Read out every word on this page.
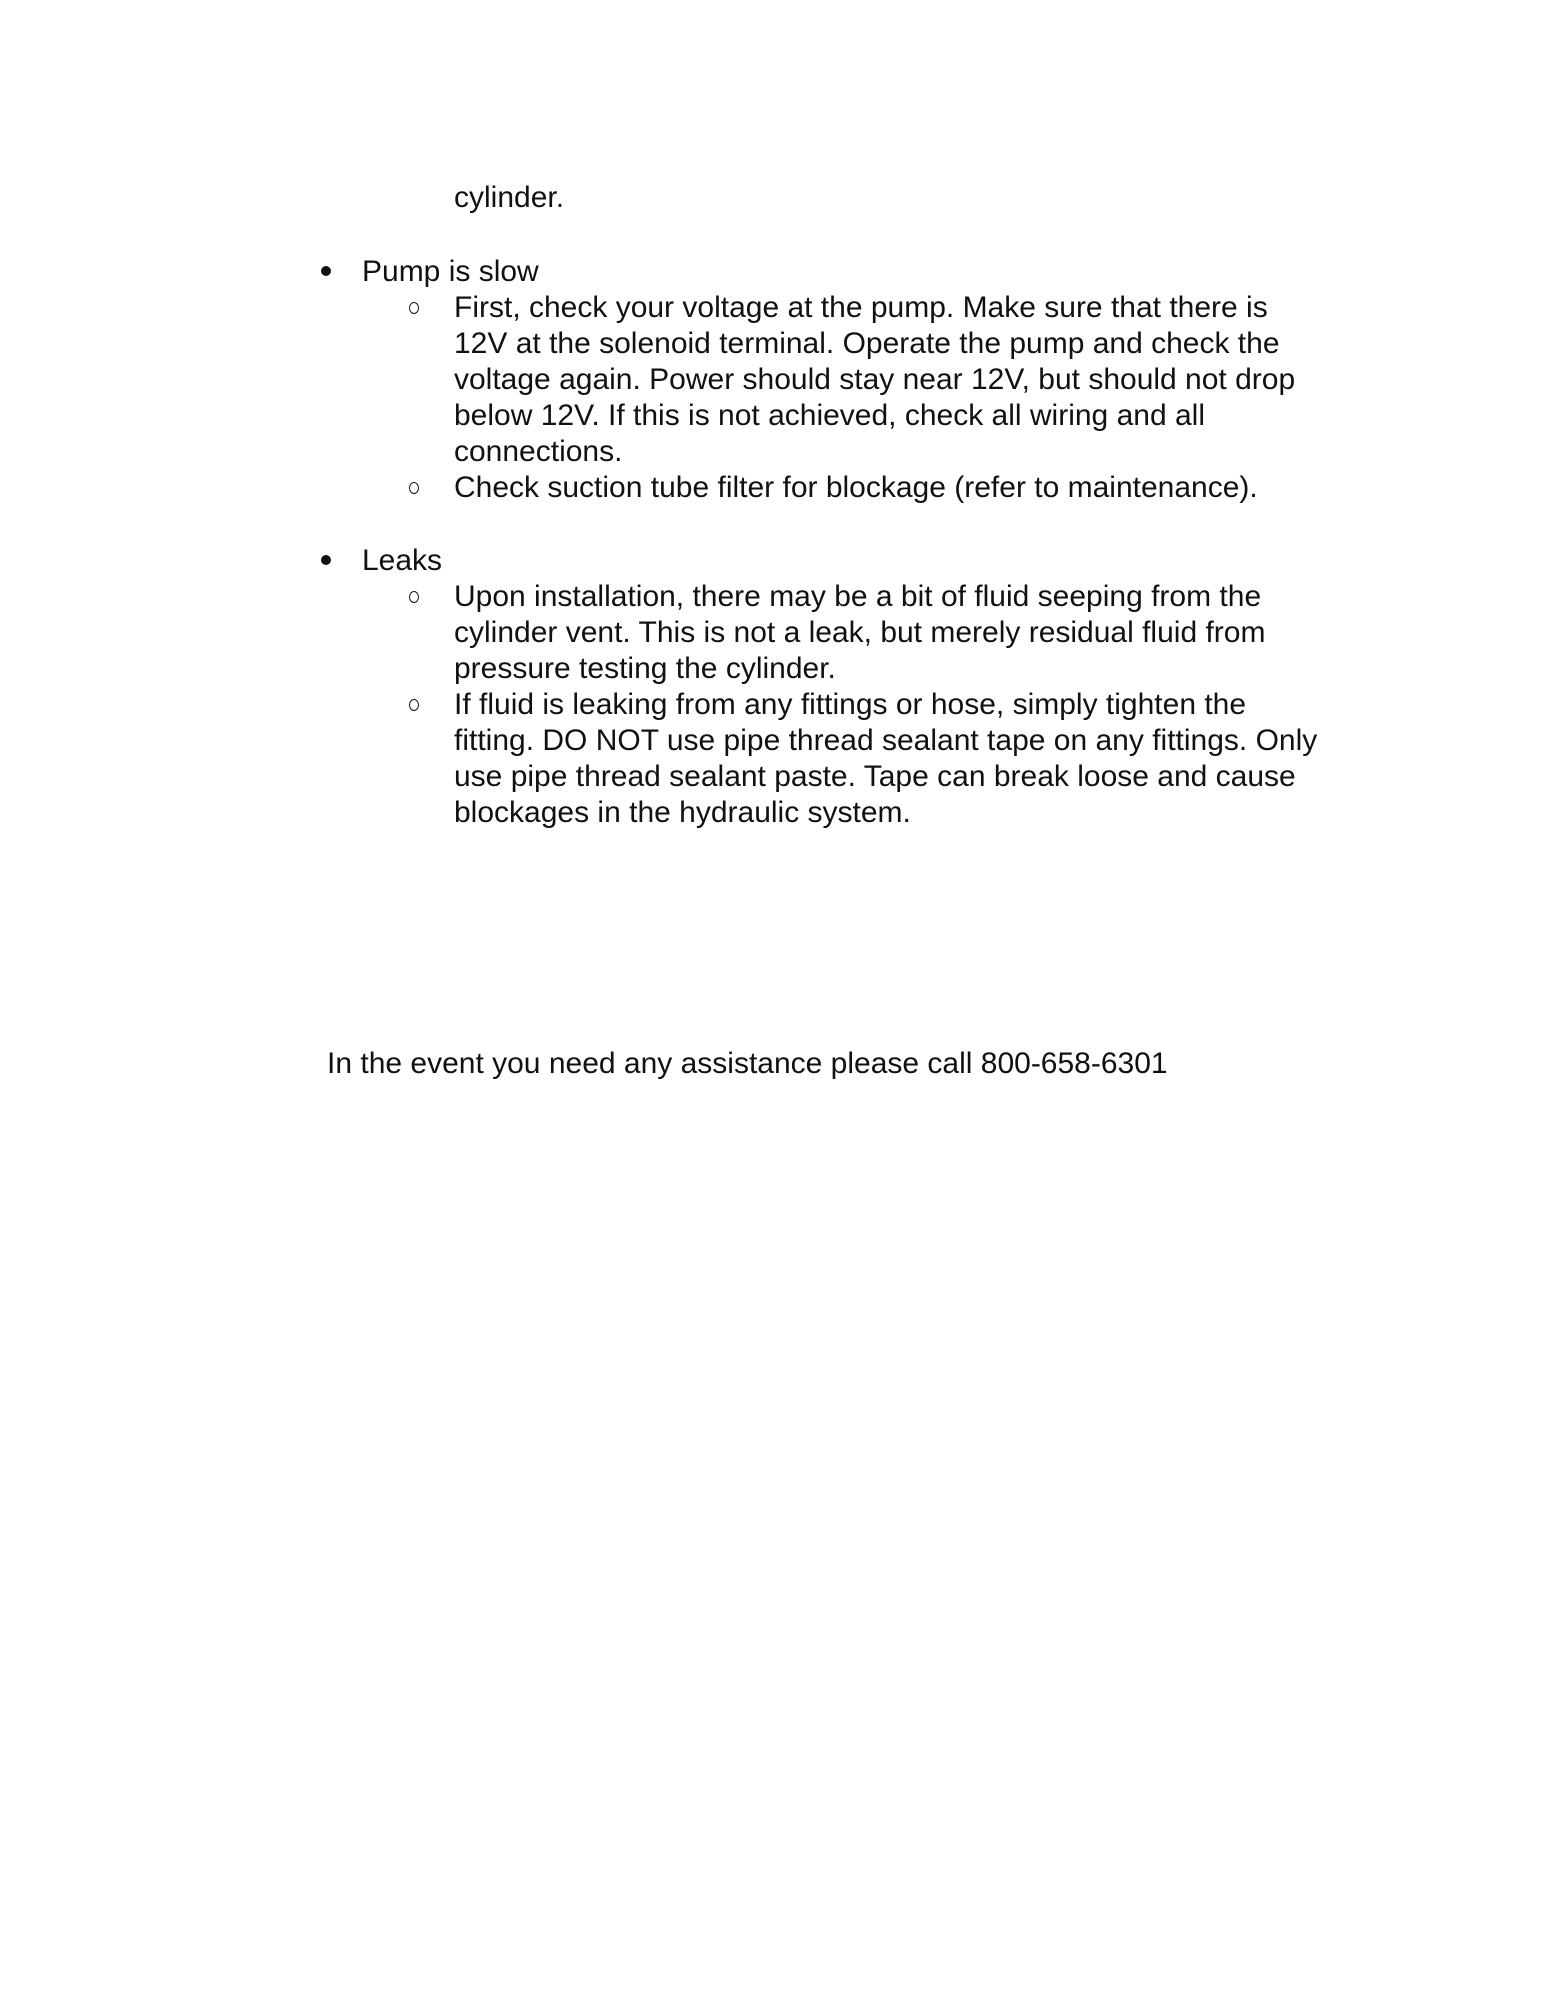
cylinder.
Pump is slow
First, check your voltage at the pump. Make sure that there is
12V at the solenoid terminal. Operate the pump and check the
voltage again. Power should stay near 12V, but should not drop
below 12V. If this is not achieved, check all wiring and all
connections.
Check suction tube filter for blockage (refer to maintenance).
Leaks
Upon installation, there may be a bit of fluid seeping from the
cylinder vent. This is not a leak, but merely residual fluid from
pressure testing the cylinder.
If fluid is leaking from any fittings or hose, simply tighten the
fitting. DO NOT use pipe thread sealant tape on any fittings. Only
use pipe thread sealant paste. Tape can break loose and cause
blockages in the hydraulic system.
In the event you need any assistance please call 800-658-6301
